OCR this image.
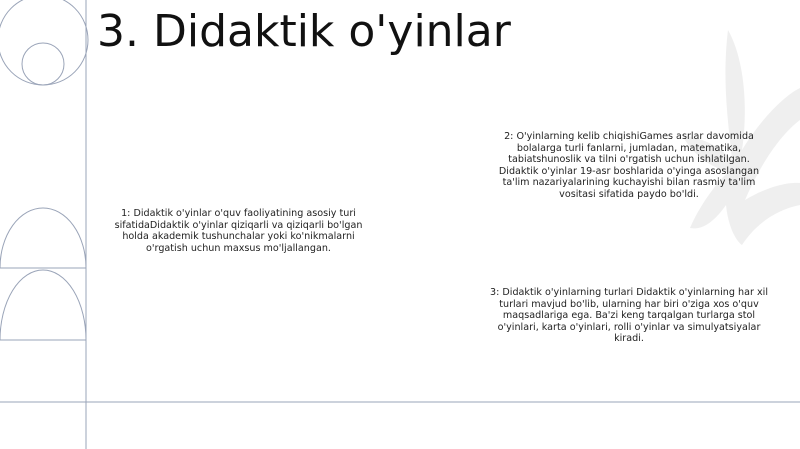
3. Didaktik o'yinlar
1: Didaktik o'yinlar o'quv faoliyatining asosiy turi sifatidaDidaktik o'yinlar qiziqarli va qiziqarli bo'lgan holda akademik tushunchalar yoki ko'nikmalarni o'rgatish uchun maxsus mo'ljallangan.
2: O'yinlarning kelib chiqishiGames asrlar davomida bolalarga turli fanlarni, jumladan, matematika, tabiatshunoslik va tilni o'rgatish uchun ishlatilgan. Didaktik o'yinlar 19-asr boshlarida o'yinga asoslangan ta'lim nazariyalarining kuchayishi bilan rasmiy ta'lim vositasi sifatida paydo bo'ldi.
3: Didaktik o'yinlarning turlari Didaktik o'yinlarning har xil turlari mavjud bo'lib, ularning har biri o'ziga xos o'quv maqsadlariga ega. Ba'zi keng tarqalgan turlarga stol o'yinlari, karta o'yinlari, rolli o'yinlar va simulyatsiyalar kiradi.
